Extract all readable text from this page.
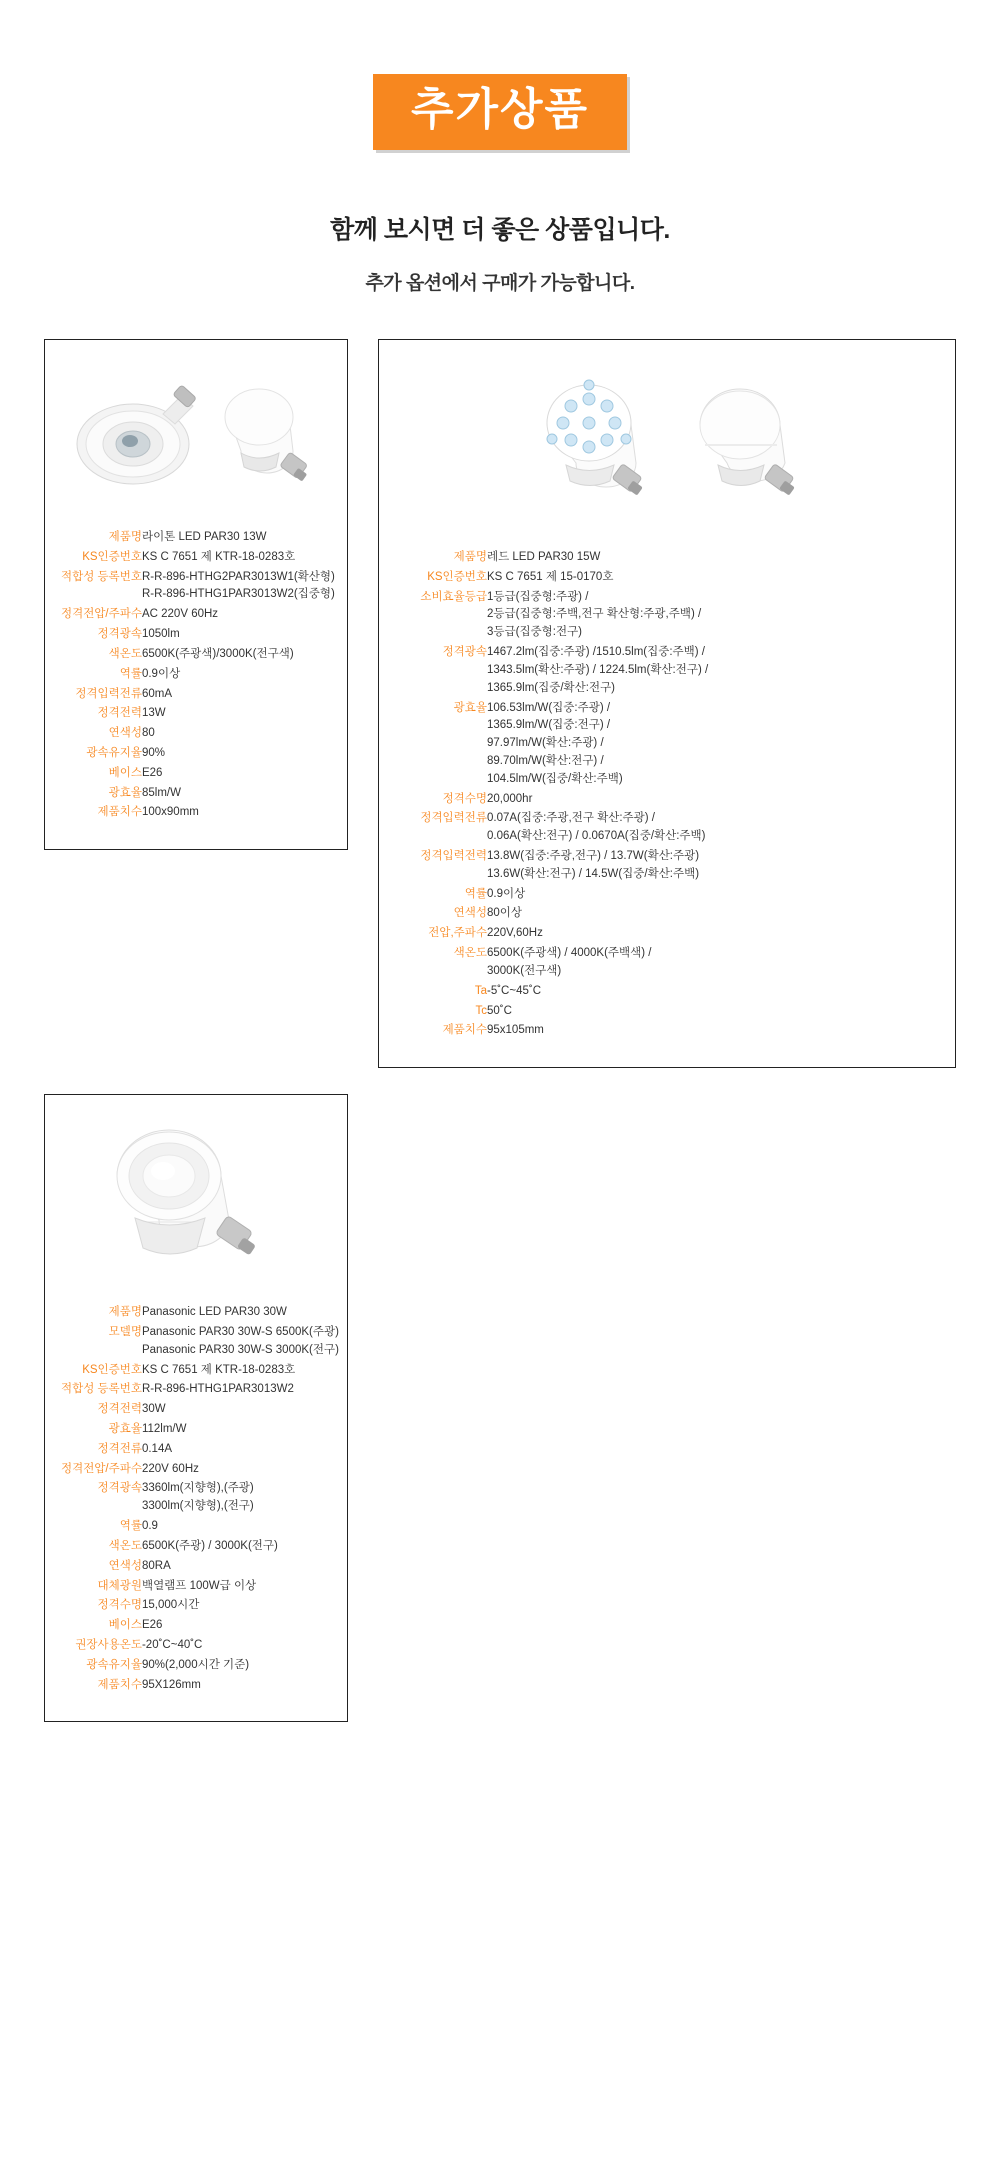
추가상품
함께 보시면 더 좋은 상품입니다.
추가 옵션에서 구매가 가능합니다.
제품명	라이톤 LED PAR30 13W

KS인증번호	KS C 7651 제 KTR-18-0283호

적합성 등록번호	R-R-896-HTHG2PAR3013W1(확산형)
R-R-896-HTHG1PAR3013W2(집중형)

정격전압/주파수	AC 220V 60Hz

정격광속	1050lm

색온도	6500K(주광색)/3000K(전구색)

역률	0.9이상

정격입력전류	60mA

정격전력	13W

연색성	80

광속유지율	90%

베이스	E26

광효율	85lm/W

제품치수	100x90mm
제품명	레드 LED PAR30 15W

KS인증번호	KS C 7651 제 15-0170호

소비효율등급	1등급(집중형:주광) /
2등급(집중형:주백,전구 확산형:주광,주백) /
3등급(집중형:전구)

정격광속	1467.2lm(집중:주광) /1510.5lm(집중:주백) /
1343.5lm(확산:주광) / 1224.5lm(확산:전구) /
1365.9lm(집중/확산:전구)

광효율	106.53lm/W(집중:주광) /
1365.9lm/W(집중:전구) /
97.97lm/W(확산:주광) /
89.70lm/W(확산:전구) /
104.5lm/W(집중/확산:주백)

정격수명	20,000hr

정격입력전류	0.07A(집중:주광,전구 확산:주광) /
0.06A(확산:전구) / 0.0670A(집중/확산:주백)

정격입력전력	13.8W(집중:주광,전구) / 13.7W(확산:주광)
13.6W(확산:전구) / 14.5W(집중/확산:주백)

역률	0.9이상

연색성	80이상

전압,주파수	220V,60Hz

색온도	6500K(주광색) / 4000K(주백색) /
3000K(전구색)

Ta	-5˚C~45˚C

Tc	50˚C

제품치수	95x105mm
제품명	Panasonic LED PAR30 30W

모델명	Panasonic PAR30 30W-S 6500K(주광)
Panasonic PAR30 30W-S 3000K(전구)

KS인증번호	KS C 7651 제 KTR-18-0283호

적합성 등록번호	R-R-896-HTHG1PAR3013W2

정격전력	30W

광효율	112lm/W

정격전류	0.14A

정격전압/주파수	220V 60Hz

정격광속	3360lm(지향형),(주광)
3300lm(지향형),(전구)

역률	0.9

색온도	6500K(주광) / 3000K(전구)

연색성	80RA

대체광원	백열램프 100W급 이상

정격수명	15,000시간

베이스	E26

권장사용온도	-20˚C~40˚C

광속유지율	90%(2,000시간 기준)

제품치수	95X126mm
